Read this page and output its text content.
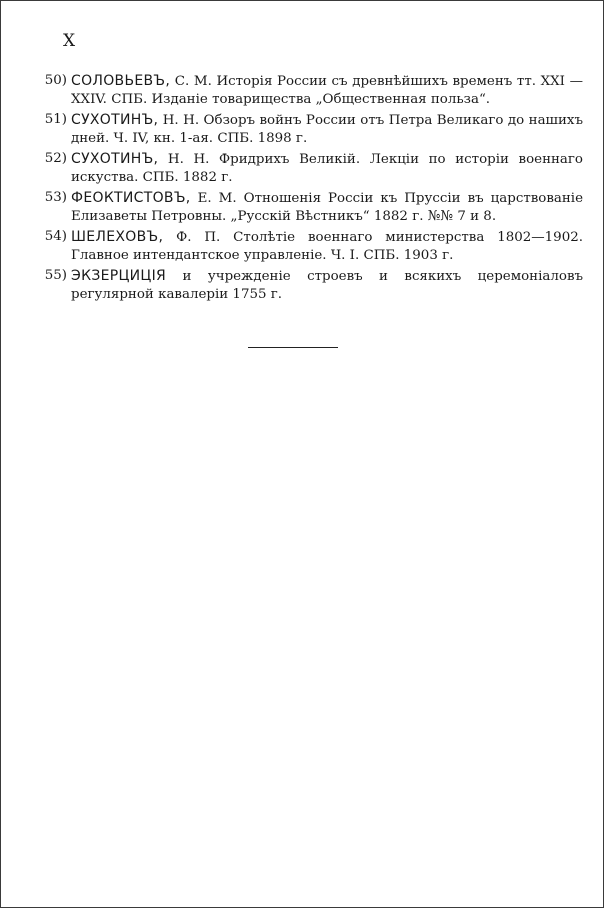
X
50) СОЛОВЬЕВЪ, С. М. Исторія России съ древнѣйшихъ временъ тт. XXI — XXIV. СПБ. Изданіе товарищества „Общественная польза“.
51) СУХОТИНЪ, Н. Н. Обзоръ войнъ России отъ Петра Великаго до нашихъ дней. Ч. IV, кн. 1-ая. СПБ. 1898 г.
52) СУХОТИНЪ, Н. Н. Фридрихъ Великій. Лекціи по исторіи военнаго искуства. СПБ. 1882 г.
53) ФЕОКТИСТОВЪ, Е. М. Отношенія Россіи къ Пруссіи въ царствованіе Елизаветы Петровны. „Русскій Вѣстникъ“ 1882 г. №№ 7 и 8.
54) ШЕЛЕХОВЪ, Ф. П. Столѣтіе военнаго министерства 1802—1902. Главное интендантское управленіе. Ч. I. СПБ. 1903 г.
55) ЭКЗЕРЦИЦІЯ и учрежденіе строевъ и всякихъ церемоніаловъ регулярной кавалеріи 1755 г.
